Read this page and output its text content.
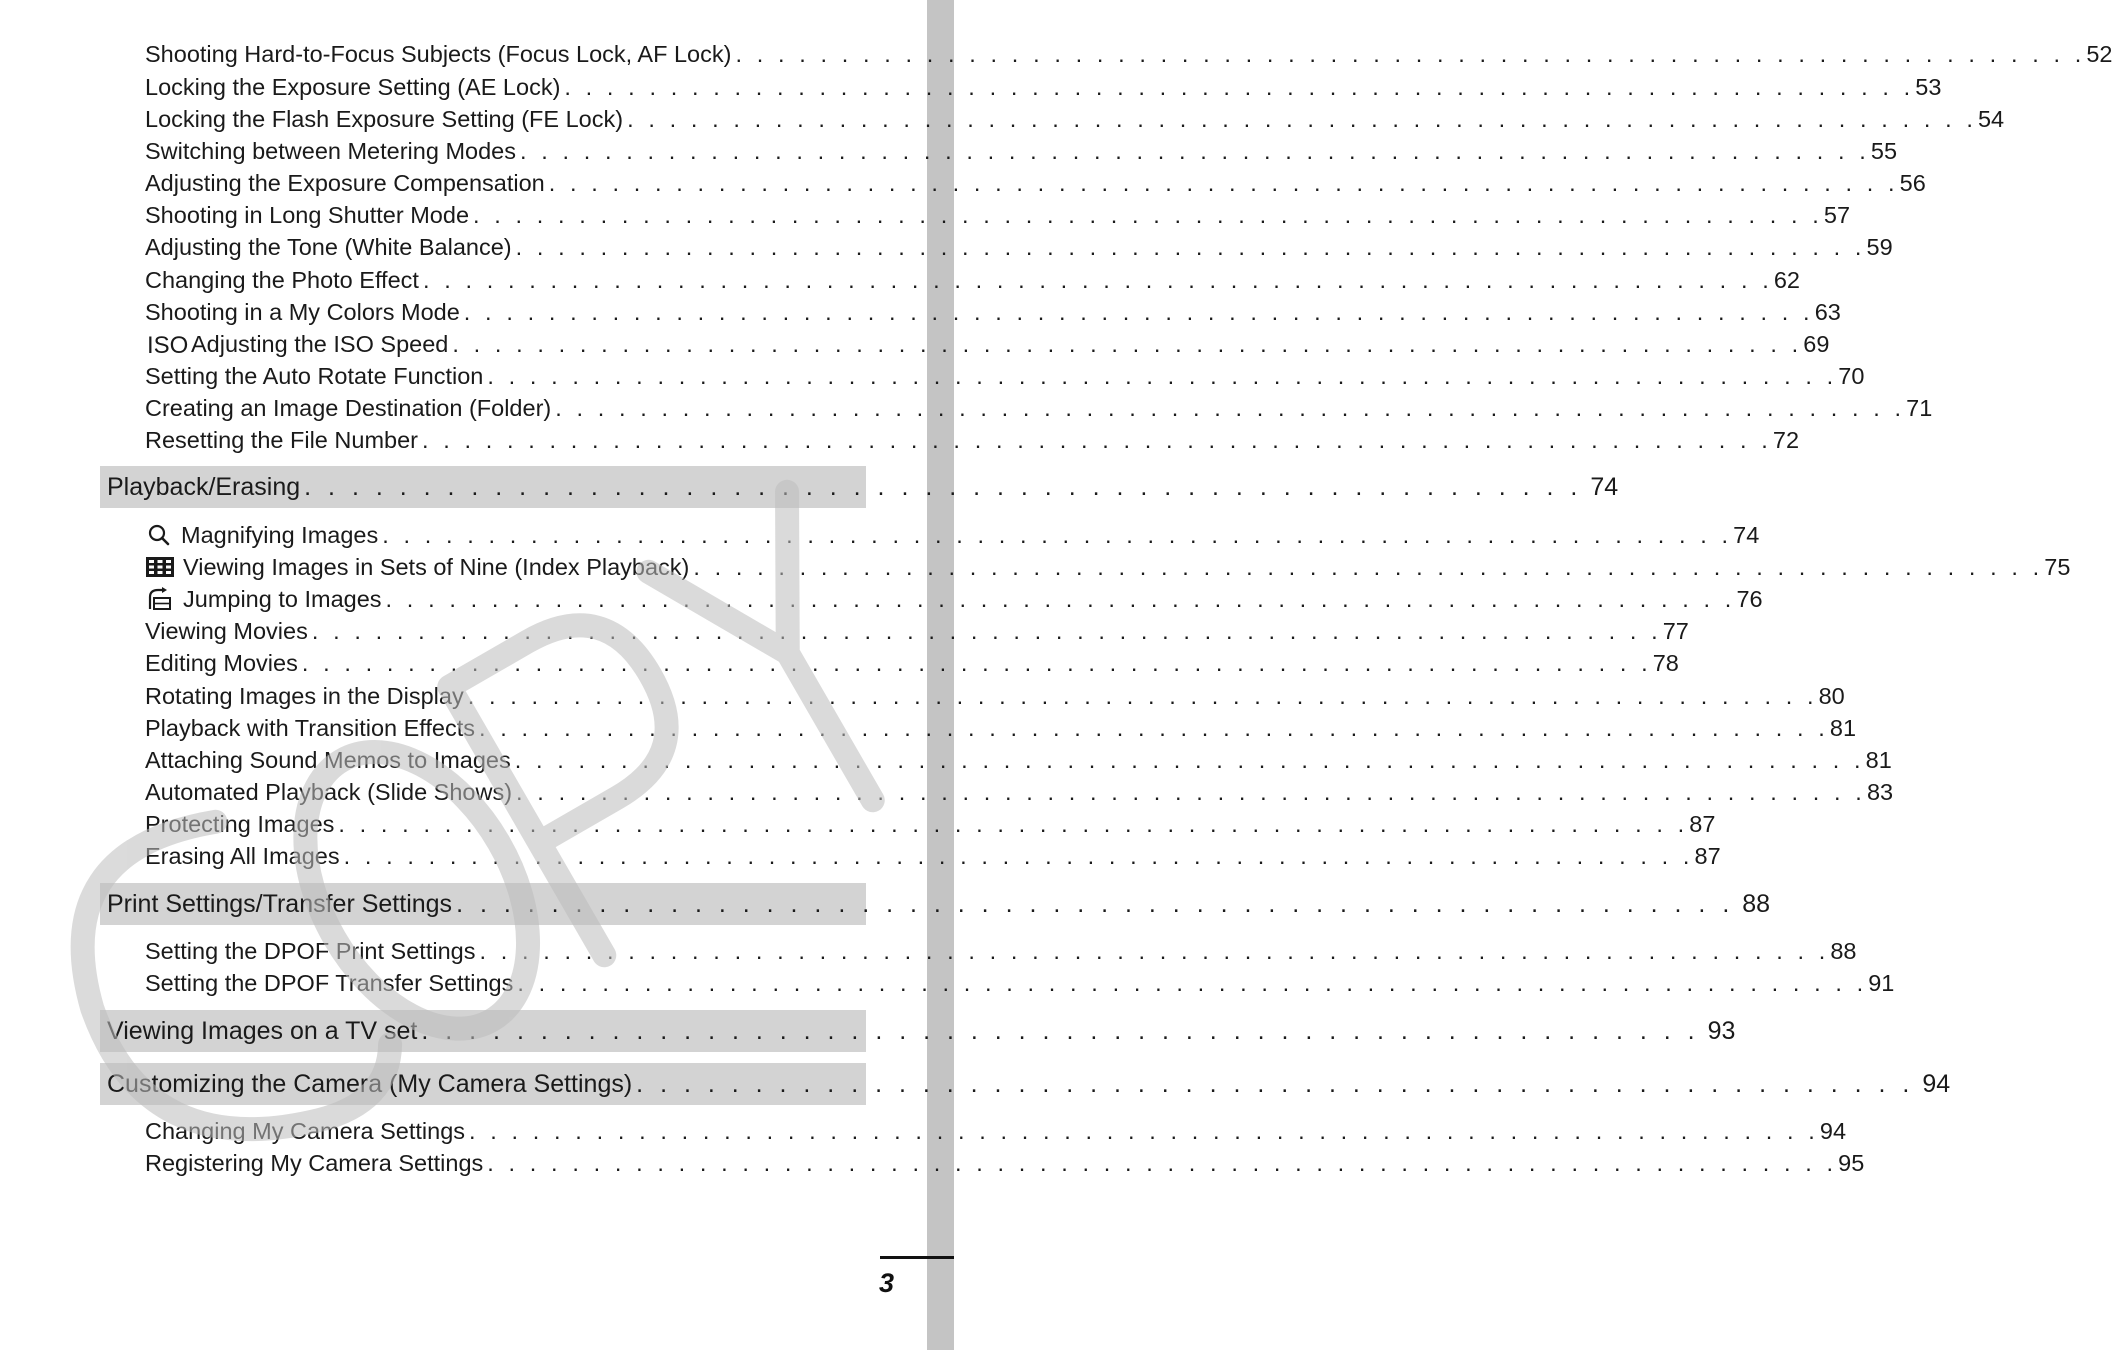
Shooting Hard-to-Focus Subjects (Focus Lock, AF Lock) . . . . . . . . . . . . . . . . . . . . . . . . . . . . . . . . . . . . . . . . . . . . . . . . . . . . . . . . . . . . . . . . 52
Locking the Exposure Setting (AE Lock) . . . . . . . . . . . . . . . . . . . . . . . . . . . . . . . . . . . . . . . . . . . . . . . . . . . . . . . . . . . . . . . . 53
Locking the Flash Exposure Setting (FE Lock) . . . . . . . . . . . . . . . . . . . . . . . . . . . . . . . . . . . . . . . . . . . . . . . . . . . . . . . . . . . . . . . . 54
Switching between Metering Modes . . . . . . . . . . . . . . . . . . . . . . . . . . . . . . . . . . . . . . . . . . . . . . . . . . . . . . . . . . . . . . . . 55
Adjusting the Exposure Compensation . . . . . . . . . . . . . . . . . . . . . . . . . . . . . . . . . . . . . . . . . . . . . . . . . . . . . . . . . . . . . . . . 56
Shooting in Long Shutter Mode . . . . . . . . . . . . . . . . . . . . . . . . . . . . . . . . . . . . . . . . . . . . . . . . . . . . . . . . . . . . . . . . 57
Adjusting the Tone (White Balance) . . . . . . . . . . . . . . . . . . . . . . . . . . . . . . . . . . . . . . . . . . . . . . . . . . . . . . . . . . . . . . . . 59
Changing the Photo Effect . . . . . . . . . . . . . . . . . . . . . . . . . . . . . . . . . . . . . . . . . . . . . . . . . . . . . . . . . . . . . . . . 62
Shooting in a My Colors Mode . . . . . . . . . . . . . . . . . . . . . . . . . . . . . . . . . . . . . . . . . . . . . . . . . . . . . . . . . . . . . . . . 63
ISO Adjusting the ISO Speed . . . . . . . . . . . . . . . . . . . . . . . . . . . . . . . . . . . . . . . . . . . . . . . . . . . . . . . . . . . . . . . . 69
Setting the Auto Rotate Function . . . . . . . . . . . . . . . . . . . . . . . . . . . . . . . . . . . . . . . . . . . . . . . . . . . . . . . . . . . . . . . . 70
Creating an Image Destination (Folder) . . . . . . . . . . . . . . . . . . . . . . . . . . . . . . . . . . . . . . . . . . . . . . . . . . . . . . . . . . . . . . . . 71
Resetting the File Number . . . . . . . . . . . . . . . . . . . . . . . . . . . . . . . . . . . . . . . . . . . . . . . . . . . . . . . . . . . . . . . . 72
Playback/Erasing . . . . . . . . . . . . . . . . . . . . . . . . . . . . . . . . . . . . . . . . . . . . . . . . . . . . . . 74
Magnifying Images . . . . . . . . . . . . . . . . . . . . . . . . . . . . . . . . . . . . . . . . . . . . . . . . . . . . . . . . . . . . . . . . 74
Viewing Images in Sets of Nine (Index Playback) . . . . . . . . . . . . . . . . . . . . . . . . . . . . . . . . . . . . . . . . . . . . . . . . . . . . . . . . . . . . . . . . 75
Jumping to Images . . . . . . . . . . . . . . . . . . . . . . . . . . . . . . . . . . . . . . . . . . . . . . . . . . . . . . . . . . . . . . . . 76
Viewing Movies . . . . . . . . . . . . . . . . . . . . . . . . . . . . . . . . . . . . . . . . . . . . . . . . . . . . . . . . . . . . . . . . 77
Editing Movies . . . . . . . . . . . . . . . . . . . . . . . . . . . . . . . . . . . . . . . . . . . . . . . . . . . . . . . . . . . . . . . . 78
Rotating Images in the Display . . . . . . . . . . . . . . . . . . . . . . . . . . . . . . . . . . . . . . . . . . . . . . . . . . . . . . . . . . . . . . . . 80
Playback with Transition Effects . . . . . . . . . . . . . . . . . . . . . . . . . . . . . . . . . . . . . . . . . . . . . . . . . . . . . . . . . . . . . . . . 81
Attaching Sound Memos to Images . . . . . . . . . . . . . . . . . . . . . . . . . . . . . . . . . . . . . . . . . . . . . . . . . . . . . . . . . . . . . . . . 81
Automated Playback (Slide Shows) . . . . . . . . . . . . . . . . . . . . . . . . . . . . . . . . . . . . . . . . . . . . . . . . . . . . . . . . . . . . . . . . 83
Protecting Images . . . . . . . . . . . . . . . . . . . . . . . . . . . . . . . . . . . . . . . . . . . . . . . . . . . . . . . . . . . . . . . . 87
Erasing All Images . . . . . . . . . . . . . . . . . . . . . . . . . . . . . . . . . . . . . . . . . . . . . . . . . . . . . . . . . . . . . . . . 87
Print Settings/Transfer Settings . . . . . . . . . . . . . . . . . . . . . . . . . . . . . . . . . . . . . . . . . . . . . . . . . . . . . . 88
Setting the DPOF Print Settings . . . . . . . . . . . . . . . . . . . . . . . . . . . . . . . . . . . . . . . . . . . . . . . . . . . . . . . . . . . . . . . . 88
Setting the DPOF Transfer Settings . . . . . . . . . . . . . . . . . . . . . . . . . . . . . . . . . . . . . . . . . . . . . . . . . . . . . . . . . . . . . . . . 91
Viewing Images on a TV set . . . . . . . . . . . . . . . . . . . . . . . . . . . . . . . . . . . . . . . . . . . . . . . . . . . . . . 93
Customizing the Camera (My Camera Settings) . . . . . . . . . . . . . . . . . . . . . . . . . . . . . . . . . . . . . . . . . . . . . . . . . . . . . . 94
Changing My Camera Settings . . . . . . . . . . . . . . . . . . . . . . . . . . . . . . . . . . . . . . . . . . . . . . . . . . . . . . . . . . . . . . . . 94
Registering My Camera Settings . . . . . . . . . . . . . . . . . . . . . . . . . . . . . . . . . . . . . . . . . . . . . . . . . . . . . . . . . . . . . . . . 95
3
